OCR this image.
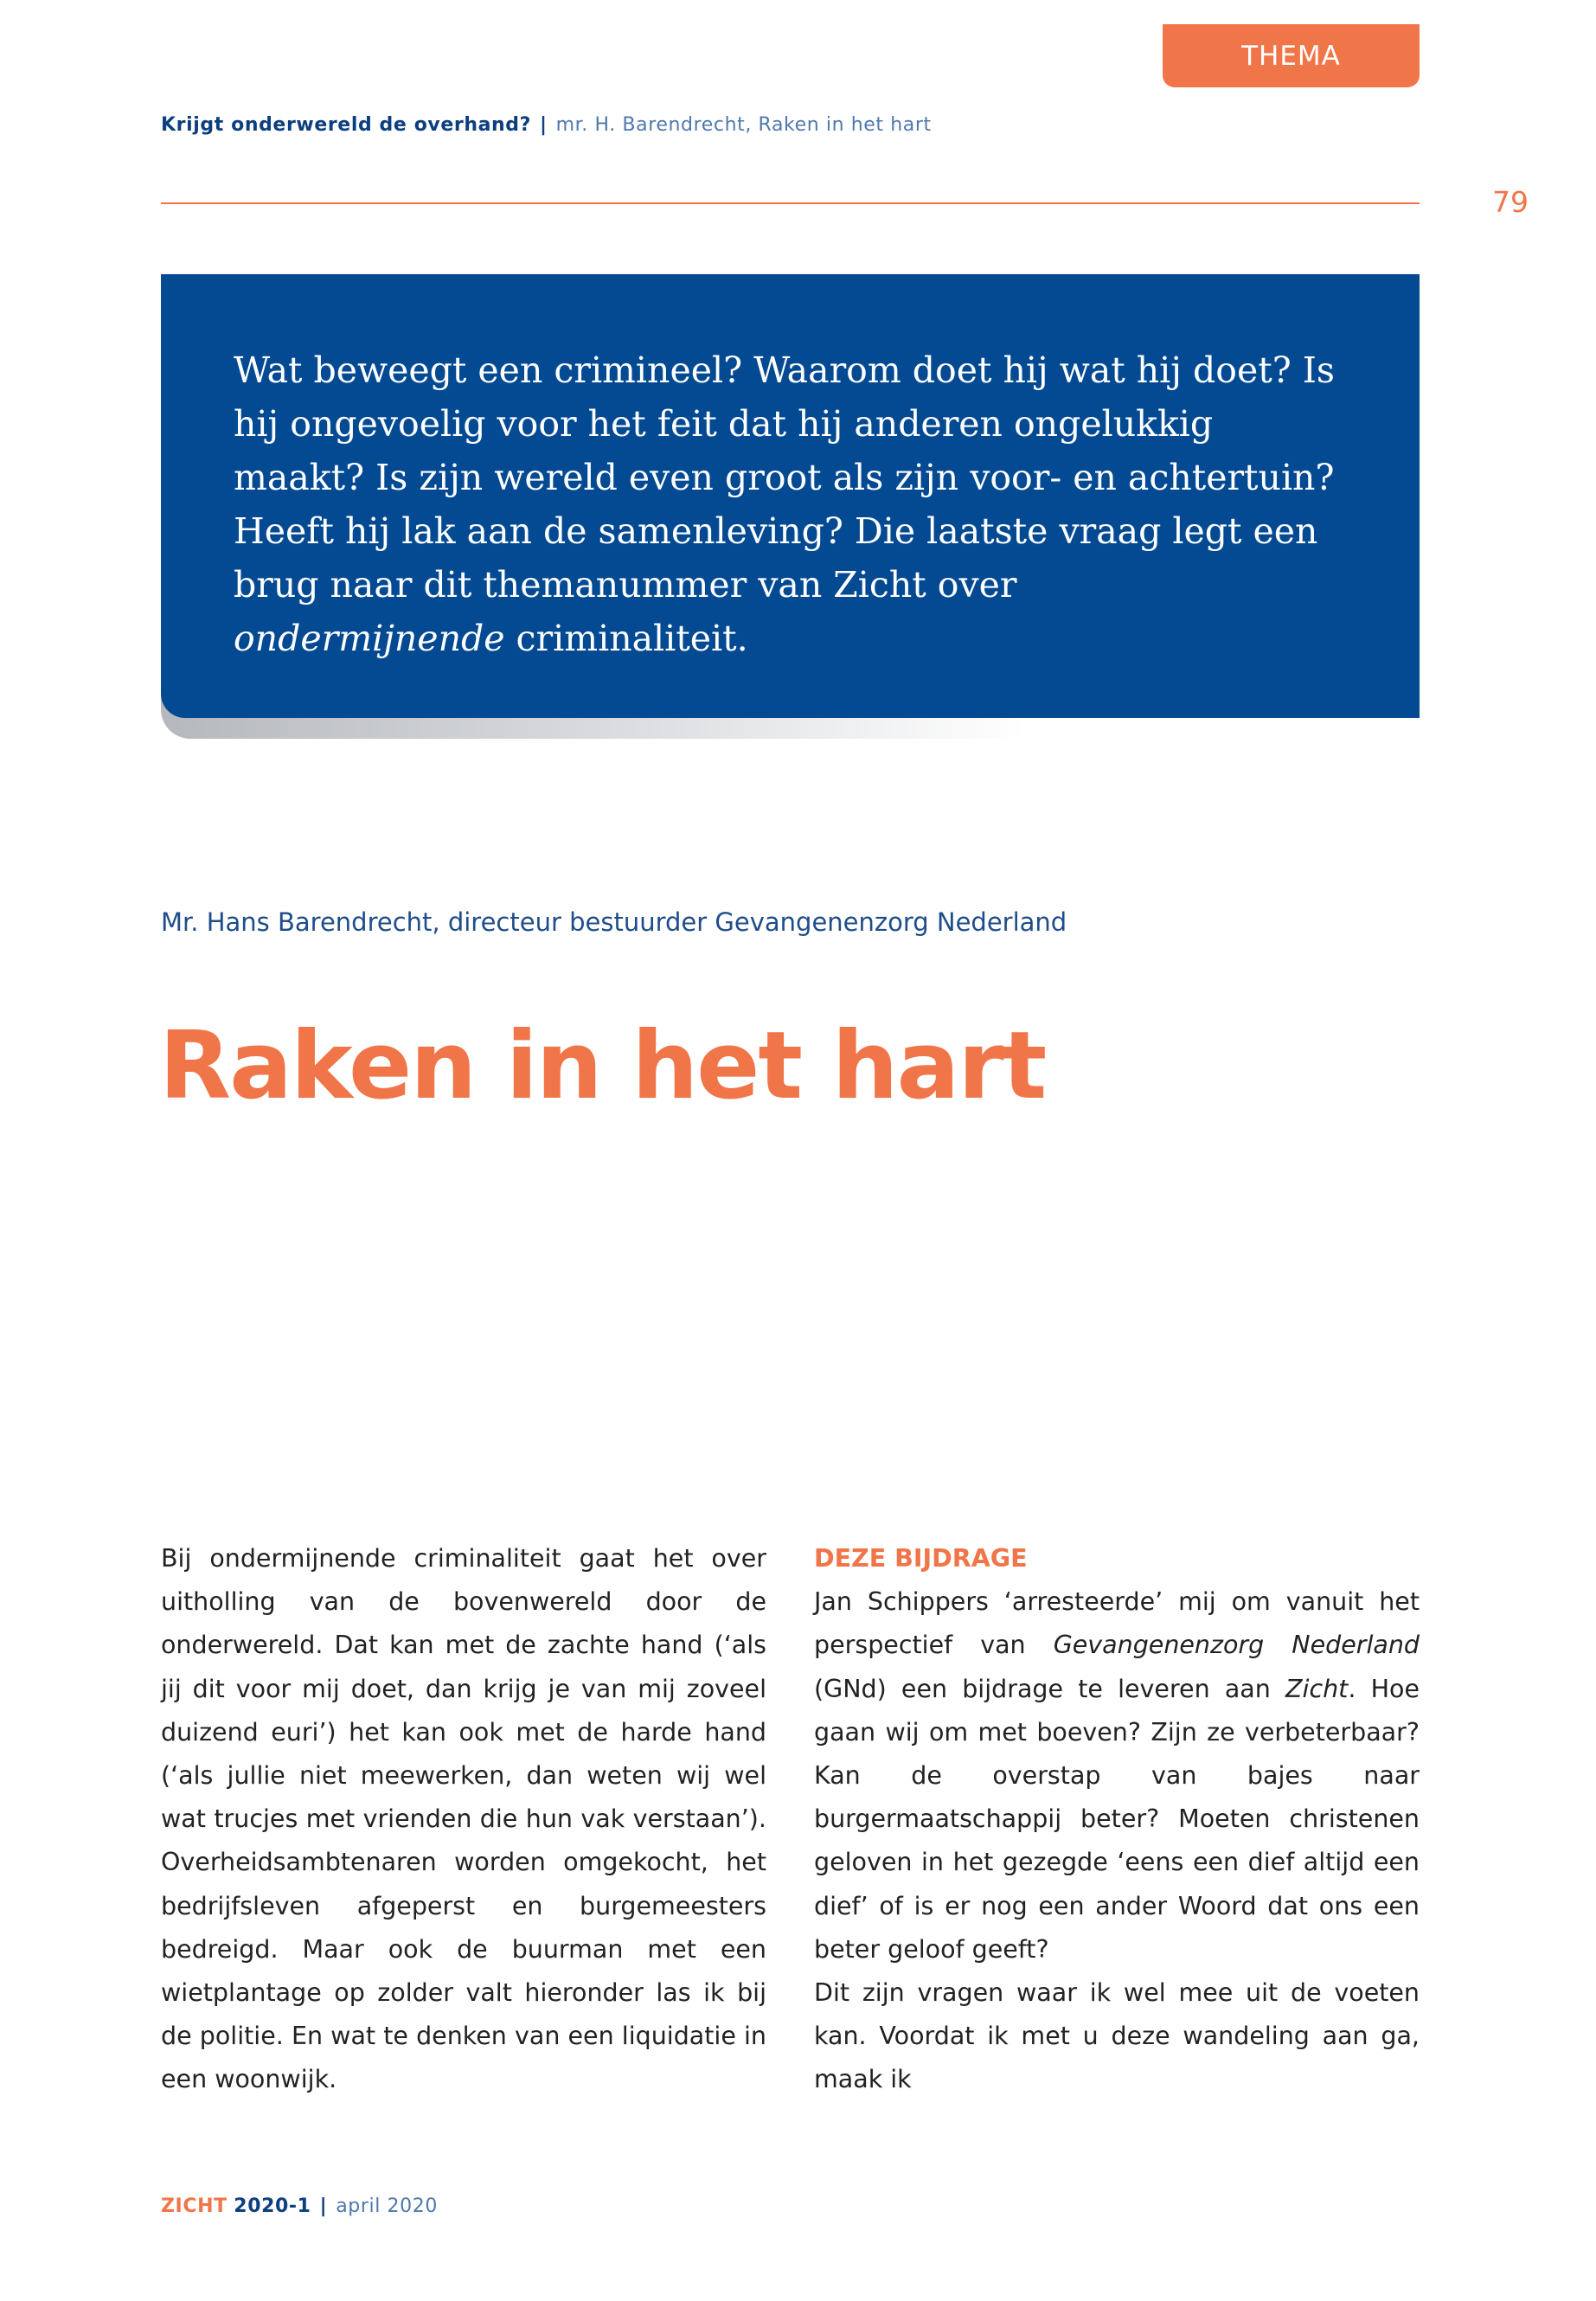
THEMA
Krijgt onderwereld de overhand? | mr. H. Barendrecht, Raken in het hart
79
Wat beweegt een crimineel? Waarom doet hij wat hij doet? Is hij ongevoelig voor het feit dat hij anderen ongelukkig maakt? Is zijn wereld even groot als zijn voor- en achtertuin? Heeft hij lak aan de samenleving? Die laatste vraag legt een brug naar dit themanummer van Zicht over
ondermijnende criminaliteit.
Mr. Hans Barendrecht, directeur bestuurder Gevangenenzorg Nederland
Raken in het hart

Bij ondermijnende criminaliteit gaat het over uitholling van de bovenwereld door de onderwereld. Dat kan met de zachte hand (‘als jij dit voor mij doet, dan krijg je van mij zoveel duizend euri’) het kan ook met de harde hand (‘als jullie niet meewerken, dan weten wij wel wat trucjes met vrienden die hun vak verstaan’). Overheidsambtenaren worden omgekocht, het bedrijfsleven afgeperst en burgemeesters bedreigd. Maar ook de buurman met een wietplantage op zolder valt hieronder las ik bij de politie. En wat te denken van een liquidatie in een woonwijk.

DEZE BIJDRAGE

Jan Schippers ‘arresteerde’ mij om vanuit het perspectief van Gevangenenzorg Nederland (GNd) een bijdrage te leveren aan Zicht. Hoe gaan wij om met boeven? Zijn ze verbeterbaar? Kan de overstap van bajes naar burgermaatschappij beter? Moeten christenen geloven in het gezegde ‘eens een dief altijd een dief’ of is er nog een ander Woord dat ons een beter geloof geeft?

Dit zijn vragen waar ik wel mee uit de voeten kan. Voordat ik met u deze wandeling aan ga, maak ik

ZICHT 2020-1 | april 2020
